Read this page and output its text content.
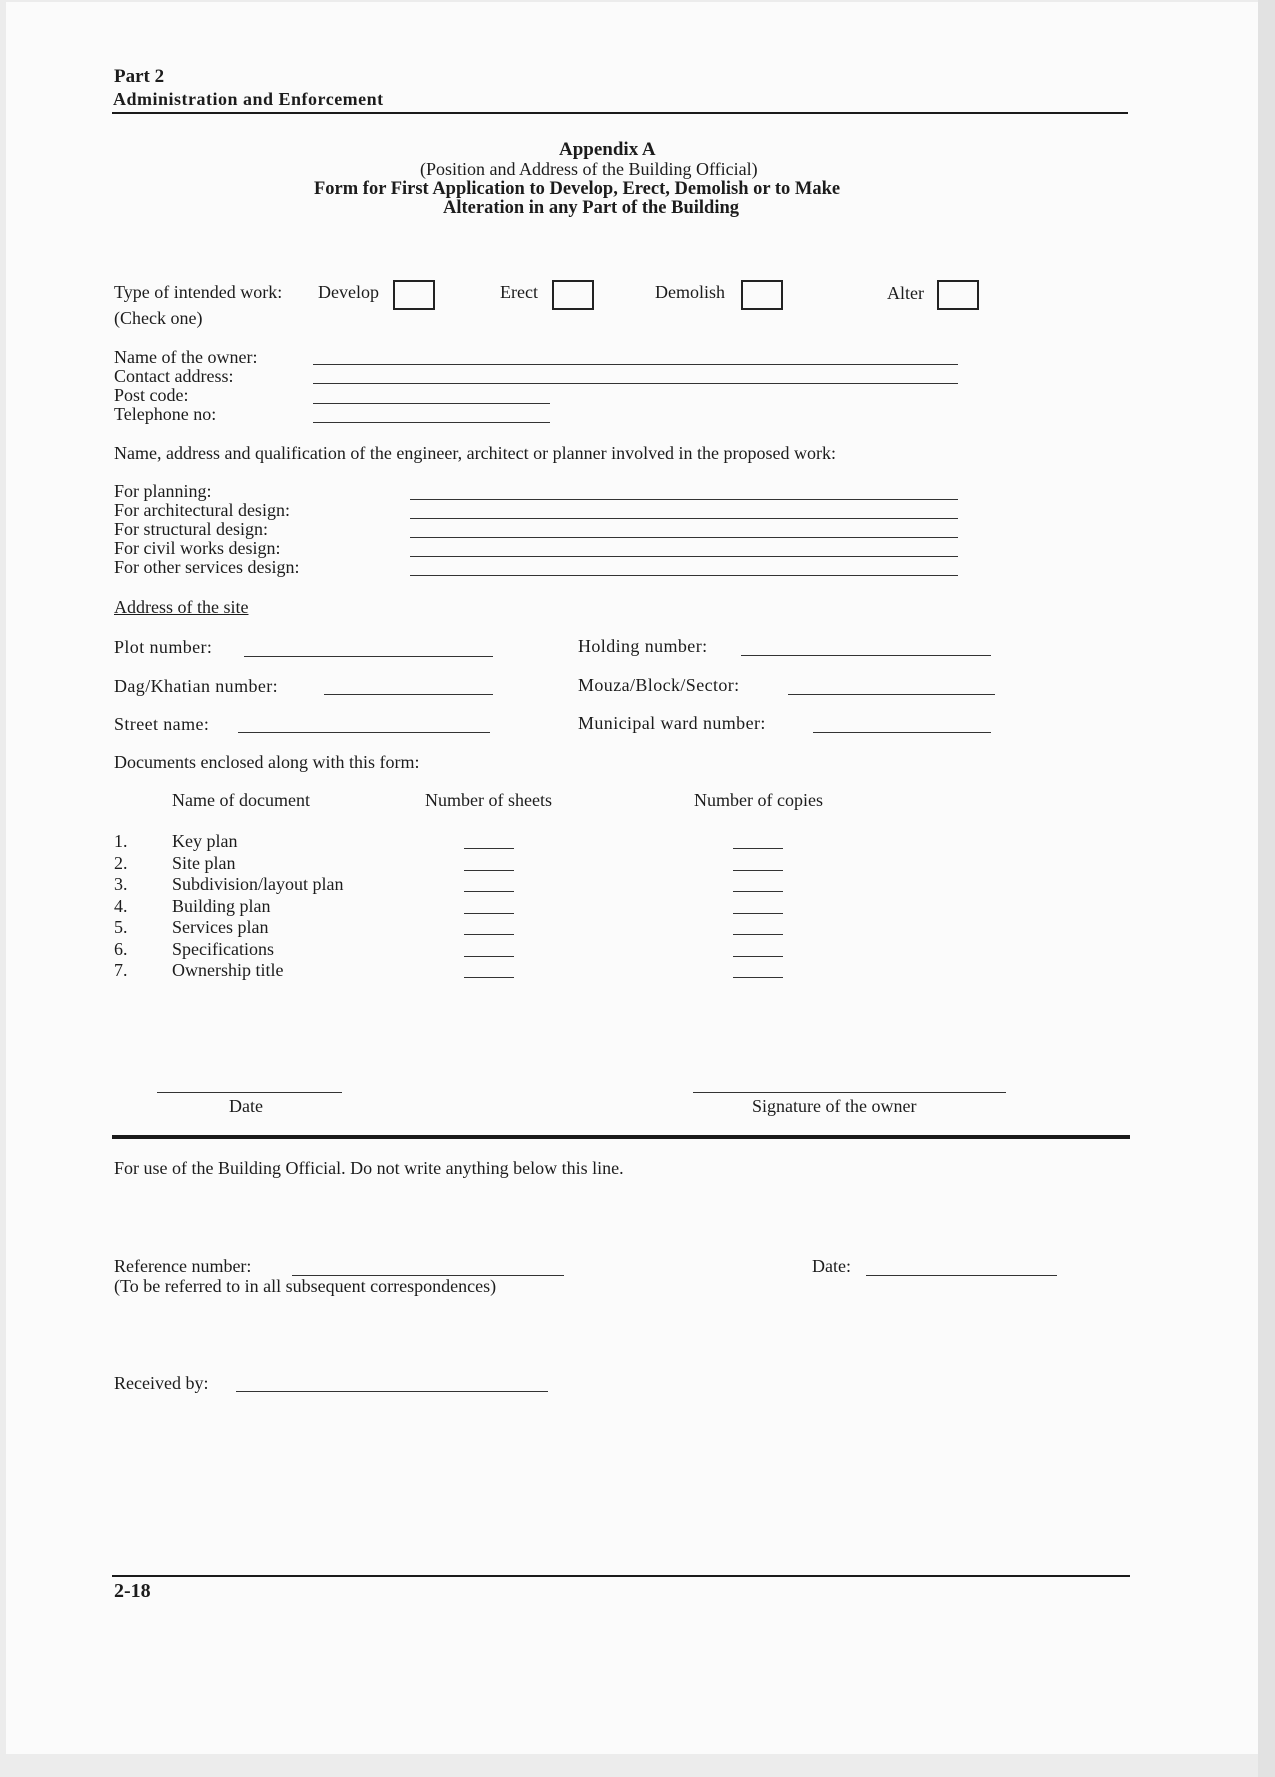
Part 2
Administration and Enforcement
Appendix A
(Position and Address of the Building Official)
Form for First Application to Develop, Erect, Demolish or to Make
Alteration in any Part of the Building
Type of intended work: Develop	Erect	Demolish	Alter
(Check one)
Name of the owner:
Contact address:
Post code:
Telephone no:
Name, address and qualification of the engineer, architect or planner involved in the proposed work:
For planning:
For architectural design:
For structural design:
For civil works design:
For other services design:
Address of the site
Plot number:	Holding number:
Dag/Khatian number:	Mouza/Block/Sector:
Street name:	Municipal ward number:
Documents enclosed along with this form:
Name of document	Number of sheets	Number of copies
1. Key plan
2. Site plan
3. Subdivision/layout plan
4. Building plan
5. Services plan
6. Specifications
7. Ownership title
Date	Signature of the owner
For use of the Building Official. Do not write anything below this line.
Reference number:
(To be referred to in all subsequent correspondences)
Date:
Received by:
2-18
